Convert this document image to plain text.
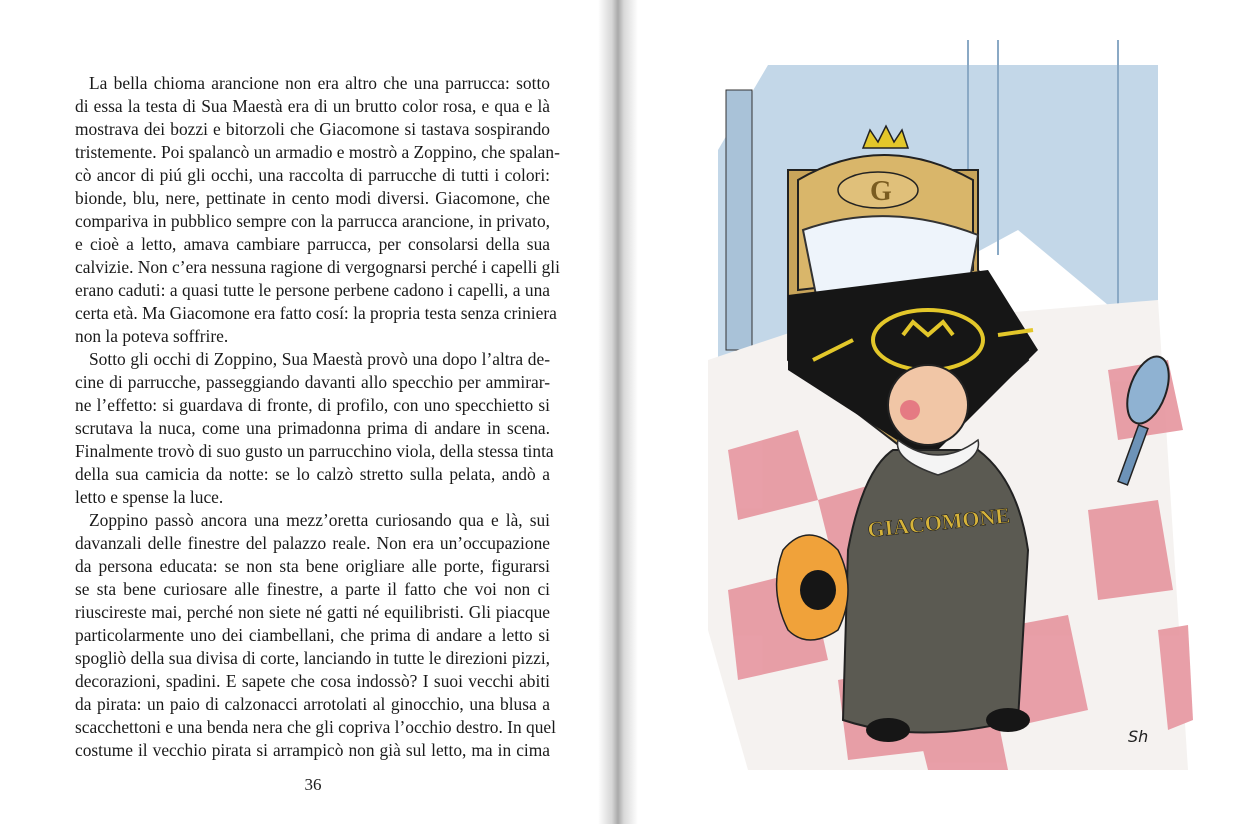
La bella chioma arancione non era altro che una parrucca: sotto
di essa la testa di Sua Maestà era di un brutto color rosa, e qua e là
mostrava dei bozzi e bitorzoli che Giacomone si tastava sospirando
tristemente. Poi spalancò un armadio e mostrò a Zoppino, che spalan-
cò ancor di piú gli occhi, una raccolta di parrucche di tutti i colori:
bionde, blu, nere, pettinate in cento modi diversi. Giacomone, che
compariva in pubblico sempre con la parrucca arancione, in privato,
e cioè a letto, amava cambiare parrucca, per consolarsi della sua
calvizie. Non c’era nessuna ragione di vergognarsi perché i capelli gli
erano caduti: a quasi tutte le persone perbene cadono i capelli, a una
certa età. Ma Giacomone era fatto cosí: la propria testa senza criniera
non la poteva soffrire.
Sotto gli occhi di Zoppino, Sua Maestà provò una dopo l’altra de-
cine di parrucche, passeggiando davanti allo specchio per ammirar-
ne l’effetto: si guardava di fronte, di profilo, con uno specchietto si
scrutava la nuca, come una primadonna prima di andare in scena.
Finalmente trovò di suo gusto un parrucchino viola, della stessa tinta
della sua camicia da notte: se lo calzò stretto sulla pelata, andò a
letto e spense la luce.
Zoppino passò ancora una mezz’oretta curiosando qua e là, sui
davanzali delle finestre del palazzo reale. Non era un’occupazione
da persona educata: se non sta bene origliare alle porte, figurarsi
se sta bene curiosare alle finestre, a parte il fatto che voi non ci
riuscireste mai, perché non siete né gatti né equilibristi. Gli piacque
particolarmente uno dei ciambellani, che prima di andare a letto si
spogliò della sua divisa di corte, lanciando in tutte le direzioni pizzi,
decorazioni, spadini. E sapete che cosa indossò? I suoi vecchi abiti
da pirata: un paio di calzonacci arrotolati al ginocchio, una blusa a
scacchettoni e una benda nera che gli copriva l’occhio destro. In quel
costume il vecchio pirata si arrampicò non già sul letto, ma in cima
36
G
GIACOMONE
Sh
